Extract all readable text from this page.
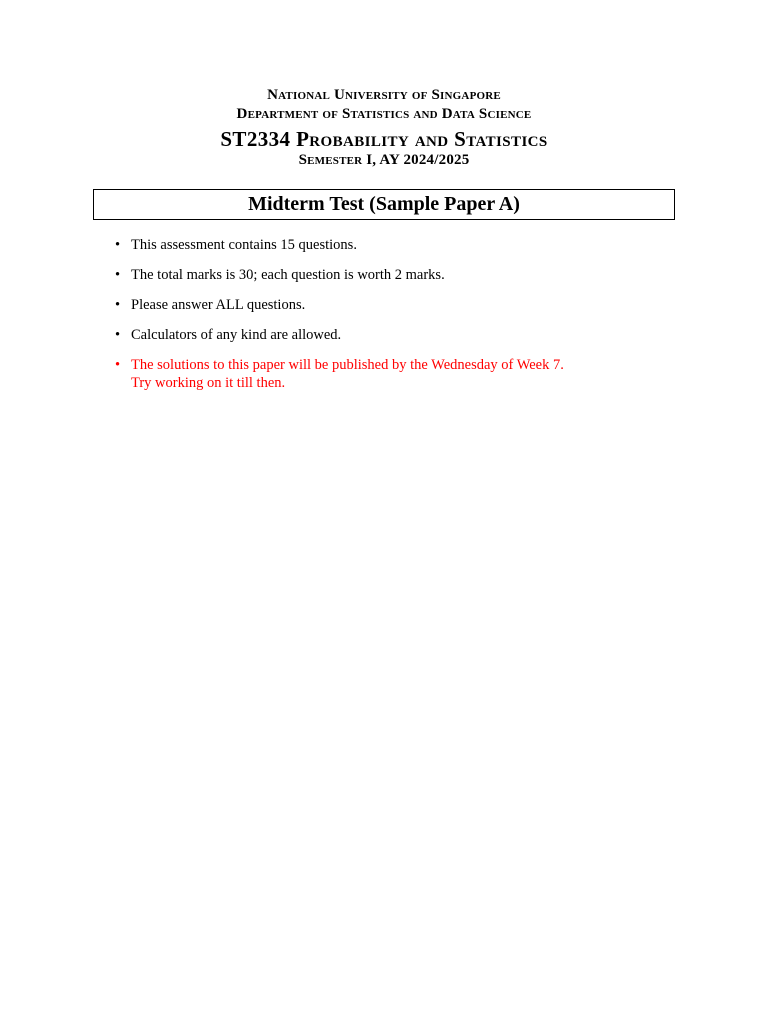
National University of Singapore
Department of Statistics and Data Science
ST2334 Probability and Statistics
Semester I, AY 2024/2025
Midterm Test (Sample Paper A)
• This assessment contains 15 questions.
• The total marks is 30; each question is worth 2 marks.
• Please answer ALL questions.
• Calculators of any kind are allowed.
• The solutions to this paper will be published by the Wednesday of Week 7.
Try working on it till then.
